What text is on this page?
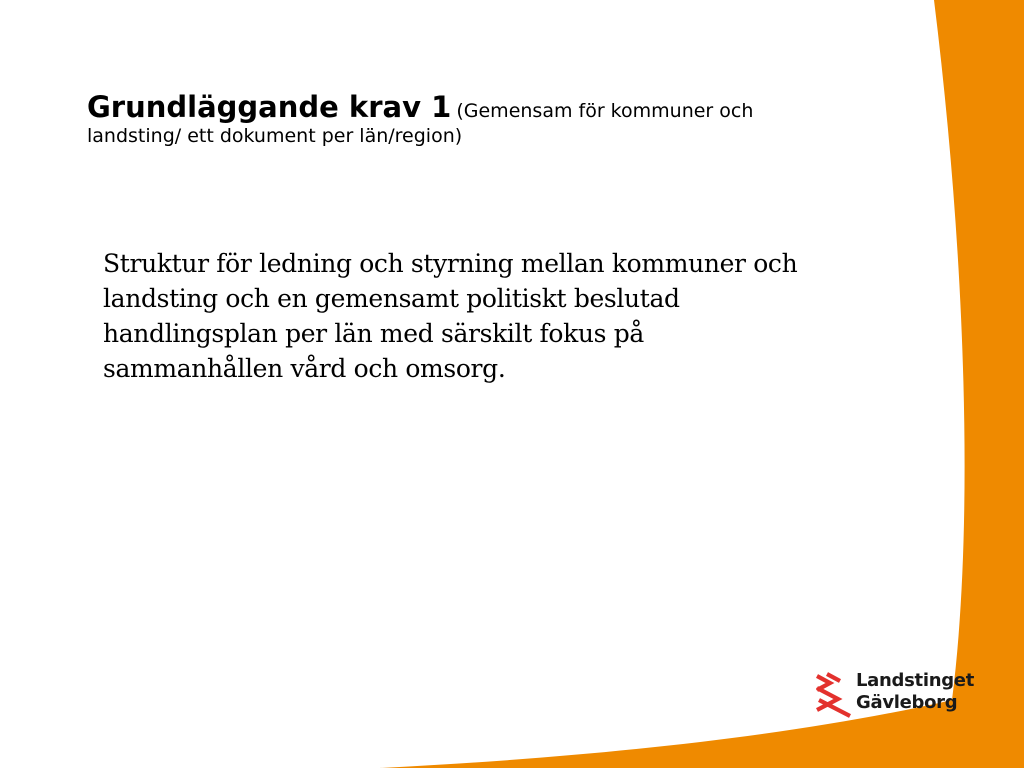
Grundläggande krav 1 (Gemensam för kommuner och
landsting/ ett dokument per län/region)
Struktur för ledning och styrning mellan kommuner och landsting och en gemensamt politiskt beslutad handlingsplan per län med särskilt fokus på sammanhållen vård och omsorg.
Landstinget
Gävleborg
